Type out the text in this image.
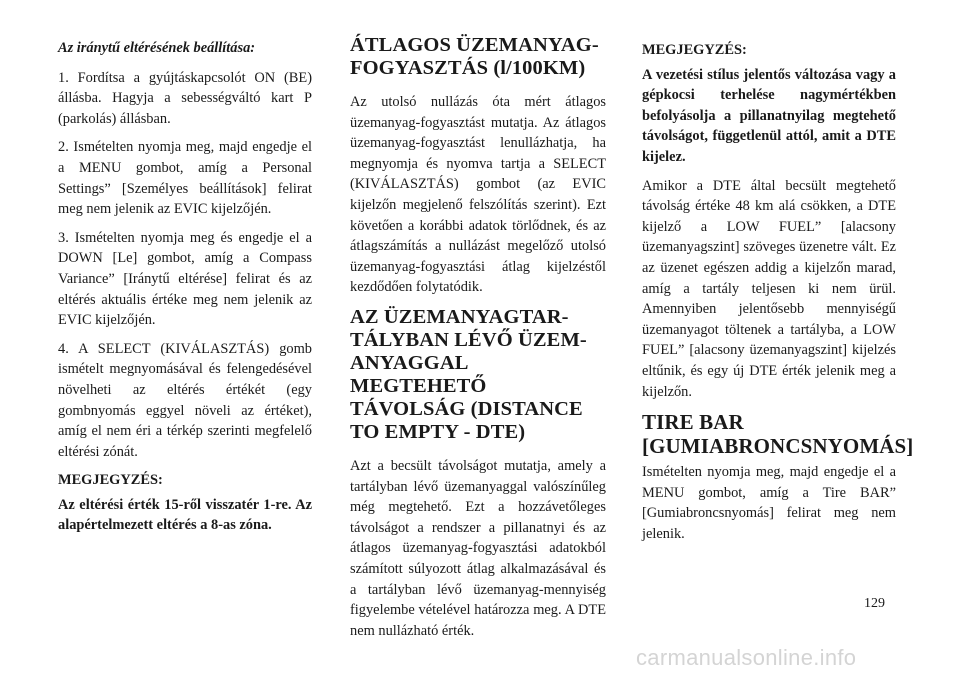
Az iránytű eltérésének beállítása:

1. Fordítsa a gyújtáskapcsolót ON (BE) állásba. Hagyja a sebességváltó kart P (parkolás) állásban.

2. Ismételten nyomja meg, majd engedje el a MENU gombot, amíg a Personal Settings” [Személyes beállítások] felirat meg nem jelenik az EVIC kijelzőjén.

3. Ismételten nyomja meg és engedje el a DOWN [Le] gombot, amíg a Compass Variance” [Iránytű eltérése] felirat és az eltérés aktuális értéke meg nem jelenik az EVIC kijelzőjén.

4. A SELECT (KIVÁLASZTÁS) gomb ismételt megnyomásával és felengedésével növelheti az eltérés értékét (egy gombnyomás eggyel növeli az értéket), amíg el nem éri a térkép szerinti megfelelő eltérési zónát.

MEGJEGYZÉS:

Az eltérési érték 15-ről visszatér 1-re. Az alapértelmezett eltérés a 8-as zóna.

ÁTLAGOS ÜZEMANYAG-FOGYASZTÁS (l/100KM)

Az utolsó nullázás óta mért átlagos üzemanyag-fogyasztást mutatja. Az átlagos üzemanyag-fogyasztást lenullázhatja, ha megnyomja és nyomva tartja a SELECT (KIVÁLASZTÁS) gombot (az EVIC kijelzőn megjelenő felszólítás szerint). Ezt követően a korábbi adatok törlődnek, és az átlagszámítás a nullázást megelőző utolsó üzemanyag-fogyasztási átlag kijelzéstől kezdődően folytatódik.

AZ ÜZEMANYAGTARTÁLYBAN LÉVŐ ÜZEMANYAGGAL MEGTEHETŐ TÁVOLSÁG (DISTANCE TO EMPTY - DTE)

Azt a becsült távolságot mutatja, amely a tartályban lévő üzemanyaggal valószínűleg még megtehető. Ezt a hozzávetőleges távolságot a rendszer a pillanatnyi és az átlagos üzemanyag-fogyasztási adatokból számított súlyozott átlag alkalmazásával és a tartályban lévő üzemanyag-mennyiség figyelembe vételével határozza meg. A DTE nem nullázható érték.

MEGJEGYZÉS:

A vezetési stílus jelentős változása vagy a gépkocsi terhelése nagymértékben befolyásolja a pillanatnyilag megtehető távolságot, függetlenül attól, amit a DTE kijelez.

Amikor a DTE által becsült megtehető távolság értéke 48 km alá csökken, a DTE kijelző a LOW FUEL” [alacsony üzemanyagszint] szöveges üzenetre vált. Ez az üzenet egészen addig a kijelzőn marad, amíg a tartály teljesen ki nem ürül. Amennyiben jelentősebb mennyiségű üzemanyagot töltenek a tartályba, a LOW FUEL” [alacsony üzemanyagszint] kijelzés eltűnik, és egy új DTE érték jelenik meg a kijelzőn.

TIRE BAR [GUMIABRONCSNYOMÁS]

Ismételten nyomja meg, majd engedje el a MENU gombot, amíg a Tire BAR” [Gumiabroncsnyomás] felirat meg nem jelenik.

129
carmanualsonline.info
